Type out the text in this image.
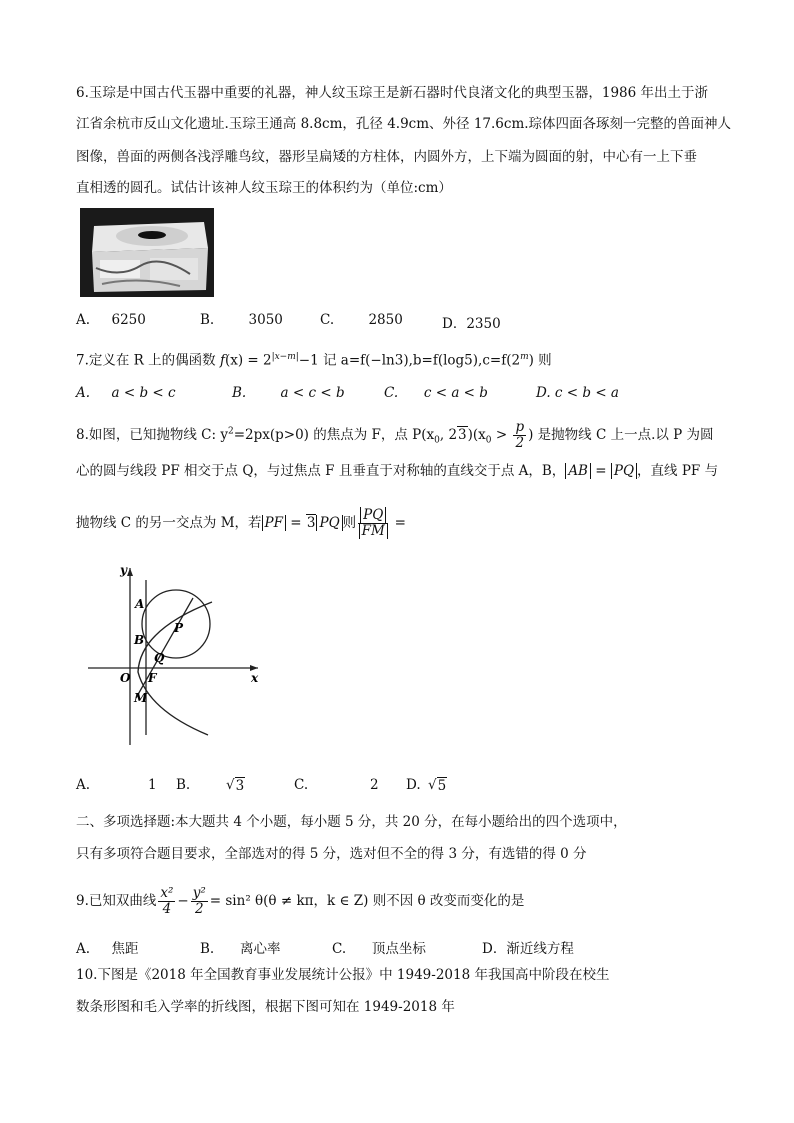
6.玉琮是中国古代玉器中重要的礼器，神人纹玉琮王是新石器时代良渚文化的典型玉器，1986 年出土于浙
江省余杭市反山文化遗址.玉琮王通高 8.8cm，孔径 4.9cm、外径 17.6cm.琮体四面各琢刻一完整的兽面神人
图像，兽面的两侧各浅浮雕鸟纹，器形呈扁矮的方柱体，内圆外方，上下端为圆面的射，中心有一上下垂
直相透的圆孔。试估计该神人纹玉琮王的体积约为（单位:cm）
A.     6250	B.        3050	C.        2850	D．2350
7.定义在 R 上的偶函数 $f(x) = 2^{|x-m|}-1$ 记 $a=f(-\ln 3),b=f(\log 5),c=f(2^m)$ 则
A.     a < b < c	B.        a < c < b	C.      c < a < b	D. c < b < a
8.如图，已知抛物线 C: $y^2=2px(p>0)$ 的焦点为 F，点 $P(x_0$, $23)(x_0 > \frac{p}{2}$ ) 是抛物线 C 上一点.以 P 为圆
心的圆与线段 PF 相交于点 Q，与过焦点 F 且垂直于对称轴的直线交于点 A，B， AB = PQ ，直线 PF 与
抛物线 C 的另一交点为 M，若 PF = 3 PQ 则 $\frac{PQ}{FM}$ =
y
x
A
B
P
Q
O F
M
A.	1 B.	√ 3	C.	2 D. √ 5
二、多项选择题:本大题共 4 个小题，每小题 5 分，共 20 分，在每小题给出的四个选项中，
只有多项符合题目要求，全部选对的得 5 分，选对但不全的得 3 分，有选错的得 0 分
9.已知双曲线 $\frac{\text{x²}}{4} - \frac{\text{y²}}{2} = \sin^2$ θ(θ ≠ kπ，k ∈ Z) 则不因 θ 改变而变化的是
A.     焦距	B.      离心率	C.      顶点坐标	D．渐近线方程
10.下图是《2018 年全国教育事业发展统计公报》中 1949-2018 年我国高中阶段在校生
数条形图和毛入学率的折线图，根据下图可知在 1949-2018 年
